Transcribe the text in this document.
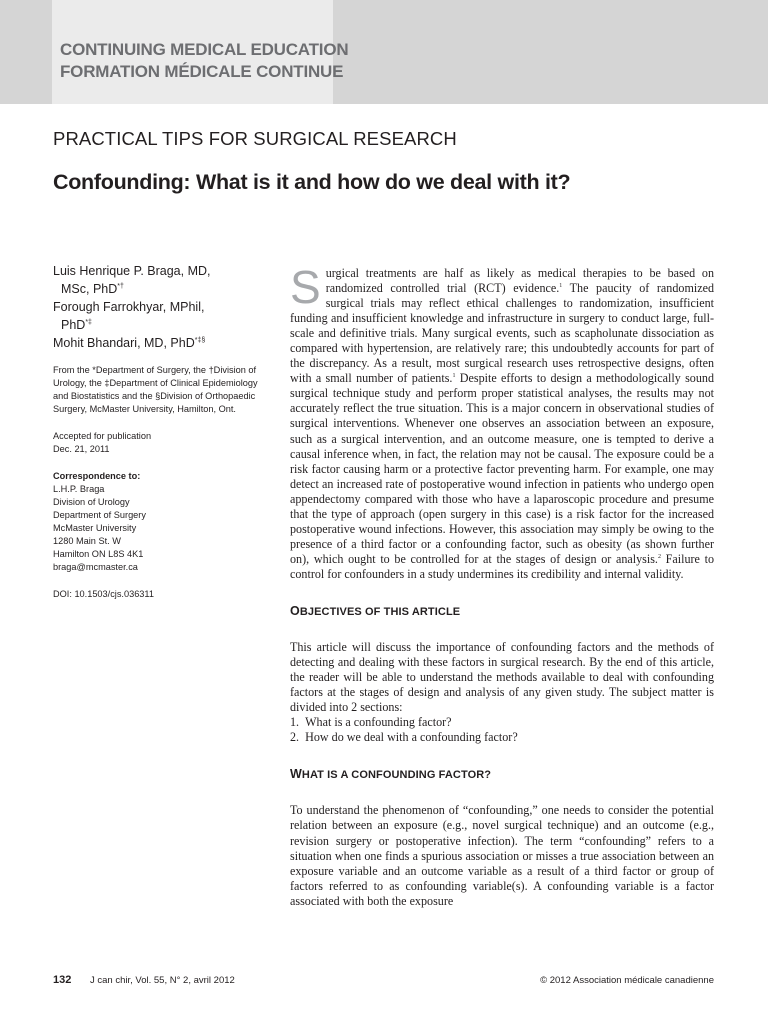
CONTINUING MEDICAL EDUCATION
FORMATION MÉDICALE CONTINUE
PRACTICAL TIPS FOR SURGICAL RESEARCH
Confounding: What is it and how do we deal with it?
Luis Henrique P. Braga, MD,
MSc, PhD*†
Forough Farrokhyar, MPhil,
PhD*‡
Mohit Bhandari, MD, PhD*‡§
From the *Department of Surgery, the †Division of Urology, the ‡Department of Clinical Epidemiology and Biostatistics and the §Division of Orthopaedic Surgery, McMaster University, Hamilton, Ont.
Accepted for publication
Dec. 21, 2011
Correspondence to:
L.H.P. Braga
Division of Urology
Department of Surgery
McMaster University
1280 Main St. W
Hamilton ON L8S 4K1
braga@mcmaster.ca
DOI: 10.1503/cjs.036311

Surgical treatments are half as likely as medical therapies to be based on randomized controlled trial (RCT) evidence.$^1$ The paucity of randomized surgical trials may reflect ethical challenges to randomization, insufficient funding and insufficient knowledge and infrastructure in surgery to conduct large, full-scale and definitive trials. Many surgical events, such as scapholunate dissociation as compared with hypertension, are relatively rare; this undoubtedly accounts for part of the discrepancy. As a result, most surgical research uses retrospective designs, often with a small number of patients.$^1$ Despite efforts to design a methodologically sound surgical technique study and perform proper statistical analyses, the results may not accurately reflect the true situation. This is a major concern in observational studies of surgical interventions. Whenever one observes an association between an exposure, such as a surgical intervention, and an outcome measure, one is tempted to derive a causal inference when, in fact, the relation may not be causal. The exposure could be a risk factor causing harm or a protective factor preventing harm. For example, one may detect an increased rate of postoperative wound infection in patients who undergo open appendectomy compared with those who have a laparoscopic procedure and presume that the type of approach (open surgery in this case) is a risk factor for the increased postoperative wound infections. However, this association may simply be owing to the presence of a third factor or a confounding factor, such as obesity (as shown further on), which ought to be controlled for at the stages of design or analysis.$^2$ Failure to control for confounders in a study undermines its credibility and internal validity.

OBJECTIVES OF THIS ARTICLE

This article will discuss the importance of confounding factors and the methods of detecting and dealing with these factors in surgical research. By the end of this article, the reader will be able to understand the methods available to deal with confounding factors at the stages of design and analysis of any given study. The subject matter is divided into 2 sections:

1.  What is a confounding factor?
2.  How do we deal with a confounding factor?
WHAT IS A CONFOUNDING FACTOR?

To understand the phenomenon of “confounding,” one needs to consider the potential relation between an exposure (e.g., novel surgical technique) and an outcome (e.g., revision surgery or postoperative infection). The term “confounding” refers to a situation when one finds a spurious association or misses a true association between an exposure variable and an outcome variable as a result of a third factor or group of factors referred to as confounding variable(s). A confounding variable is a factor associated with both the exposure

132 J can chir, Vol. 55, N° 2, avril 2012	© 2012 Association médicale canadienne
